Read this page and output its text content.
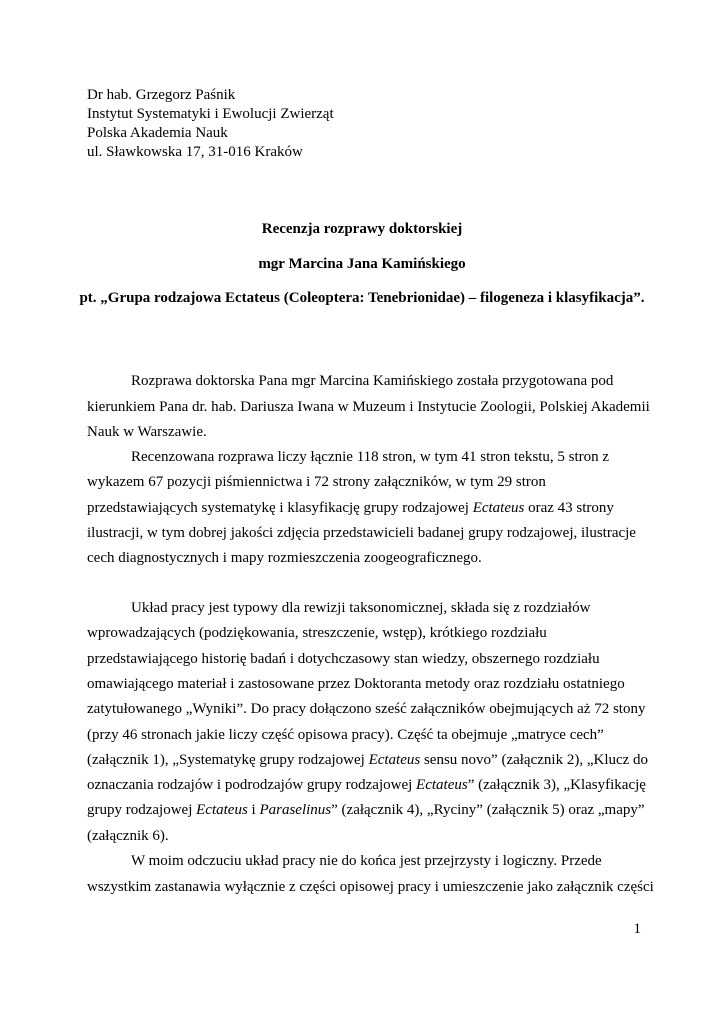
Dr hab. Grzegorz Paśnik
Instytut Systematyki i Ewolucji Zwierząt
Polska Akademia Nauk
ul. Sławkowska 17, 31-016 Kraków
Recenzja rozprawy doktorskiej
mgr Marcina Jana Kamińskiego
pt. „Grupa rodzajowa Ectateus (Coleoptera: Tenebrionidae) – filogeneza i klasyfikacja”.
Rozprawa doktorska Pana mgr Marcina Kamińskiego została przygotowana pod
kierunkiem Pana dr. hab. Dariusza Iwana w Muzeum i Instytucie Zoologii, Polskiej Akademii
Nauk w Warszawie.
Recenzowana rozprawa liczy łącznie 118 stron, w tym 41 stron tekstu, 5 stron z
wykazem 67 pozycji piśmiennictwa i 72 strony załączników, w tym 29 stron
przedstawiających systematykę i klasyfikację grupy rodzajowej Ectateus oraz 43 strony
ilustracji, w tym dobrej jakości zdjęcia przedstawicieli badanej grupy rodzajowej, ilustracje
cech diagnostycznych i mapy rozmieszczenia zoogeograficznego.
Układ pracy jest typowy dla rewizji taksonomicznej, składa się z rozdziałów
wprowadzających (podziękowania, streszczenie, wstęp), krótkiego rozdziału
przedstawiającego historię badań i dotychczasowy stan wiedzy, obszernego rozdziału
omawiającego materiał i zastosowane przez Doktoranta metody oraz rozdziału ostatniego
zatytułowanego „Wyniki”. Do pracy dołączono sześć załączników obejmujących aż 72 stony
(przy 46 stronach jakie liczy część opisowa pracy). Część ta obejmuje „matryce cech”
(załącznik 1), „Systematykę grupy rodzajowej Ectateus sensu novo” (załącznik 2), „Klucz do
oznaczania rodzajów i podrodzajów grupy rodzajowej Ectateus” (załącznik 3), „Klasyfikację
grupy rodzajowej Ectateus i Paraselinus” (załącznik 4), „Ryciny” (załącznik 5) oraz „mapy”
(załącznik 6).
W moim odczuciu układ pracy nie do końca jest przejrzysty i logiczny. Przede
wszystkim zastanawia wyłącznie z części opisowej pracy i umieszczenie jako załącznik części
1
